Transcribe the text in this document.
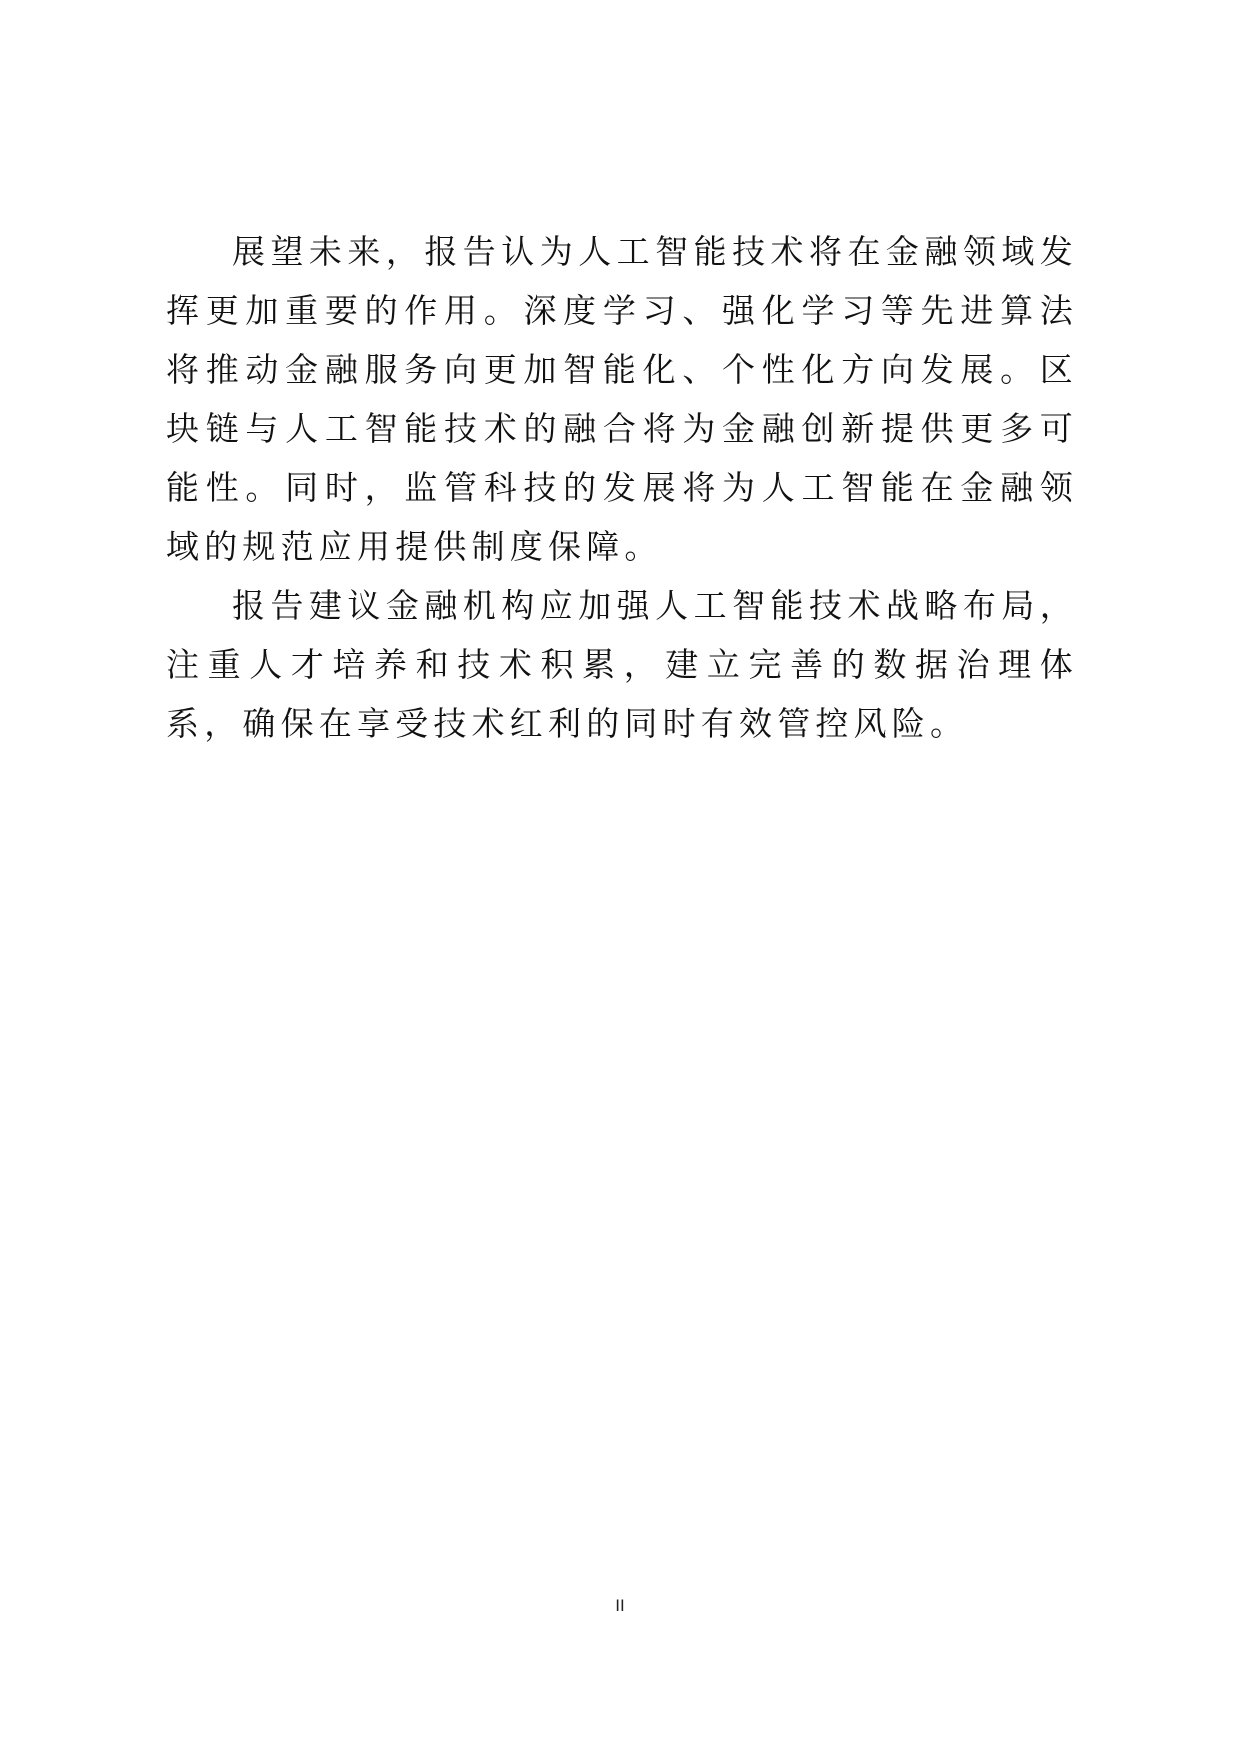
展望未来，报告认为人工智能技术将在金融领域发挥更加重要的作用。深度学习、强化学习等先进算法将推动金融服务向更加智能化、个性化方向发展。区块链与人工智能技术的融合将为金融创新提供更多可能性。同时，监管科技的发展将为人工智能在金融领域的规范应用提供制度保障。

报告建议金融机构应加强人工智能技术战略布局，注重人才培养和技术积累，建立完善的数据治理体系，确保在享受技术红利的同时有效管控风险。

II
